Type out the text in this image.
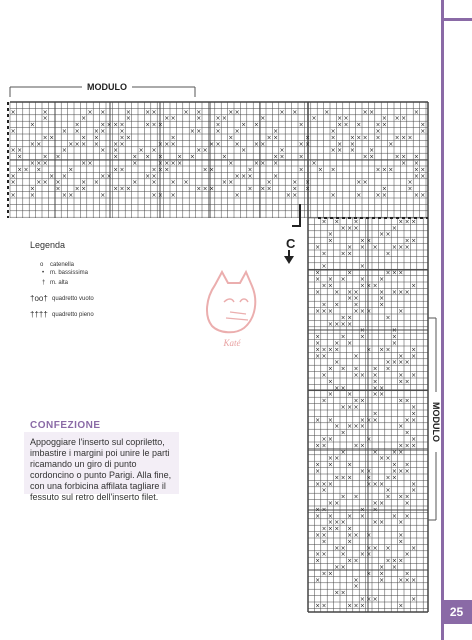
×	×	× ×	× × ×	× ×	× ×	× ×	×	× ×	×
×	×	×	× ×	× × ×	×	×	× ×	× × ×
×	×	× × × ×	× × ×	×	× ×	×	× × × × ×	×
×	× × × × ×	× × × ×	×	×	×	×
× ×	× ×	× ×	×	×	× ×	×	× × × × × × × ×
× ×	× × × × × ×	× × ×	× × × × ×	× ×	× ×	×
× ×	×	× ×	× ×	× ×	×	×	× × × ×
×	× ×	× × × × × ×	×	× × ×	× ×	× × ×
× × ×	× ×	×	× × × ×	×	× × ×	×	× ×
× × ×	×	× ×	× × ×	× ×	×	× × ×	× × ×	× ×
×	× ×	× ×	× ×	× × ×	×	× ×
×	× × ×	× ×	× × × ×	× ×	×	× ×	× ×	×
×	× × ×	× × ×	× × ×	× × ×	× ×	×	×
× ×	× ×	×	× × ×	×	× ×	×	× × ×	× ×
× × ×	× × ×
× × ×	×
×	× ×
×	× ×	× ×
×	× × × × × ×
× × ×	×
×	×
×	×	× × ×
× × × × ×
× ×	× × ×	×
× × × ×	× × × ×
× ×	×
× × ×	×
× × ×	× × ×	×
× ×	×
× × × ×
×	×
×	× ×	×
× × ×	×
× × × ×	× × ×	×
× ×	×	× ×
×	× × × ×
× × × × ×
×	× × ×	× ×
×	×	× ×
× ×	× ×
× ×	× ×
×	× ×	× ×
× × ×	×
×	×
× ×	× × ×	× ×
× × × ×	×
×	×
× ×	×	×
× ×	× ×	× × ×
×	× × ×
× ×	× ×
× × ×	× ×
×	× ×	× × ×
× × × × × ×
× × ×	× × ×	×
×	×	×
× ×	× × ×
× ×	× ×	×
× ×	× ×
× × × ×	× ×
× × ×	× × ×
× × × ×
× ×	× × ×	×
×	×	×
× ×	× × ×	×
× × × × ×	×
×	× ×	× × ×
× ×	× ×
× ×	× ×	×
×	×	× × × ×
×
× ×
× × ×	×
× ×	× × ×	×
MODULO
MODULO
C
Katé
Legenda
o catenella
• m. bassissima
† m. alta
†oo† quadretto vuoto
†††† quadretto pieno
CONFEZIONE
Appoggiare l'inserto sul copriletto, imbastire i margini poi unire le parti ricamando un giro di punto cordoncino o punto Parigi. Alla fine, con una forbicina affilata tagliare il fessuto sul retro dell'inserto filet.
25
